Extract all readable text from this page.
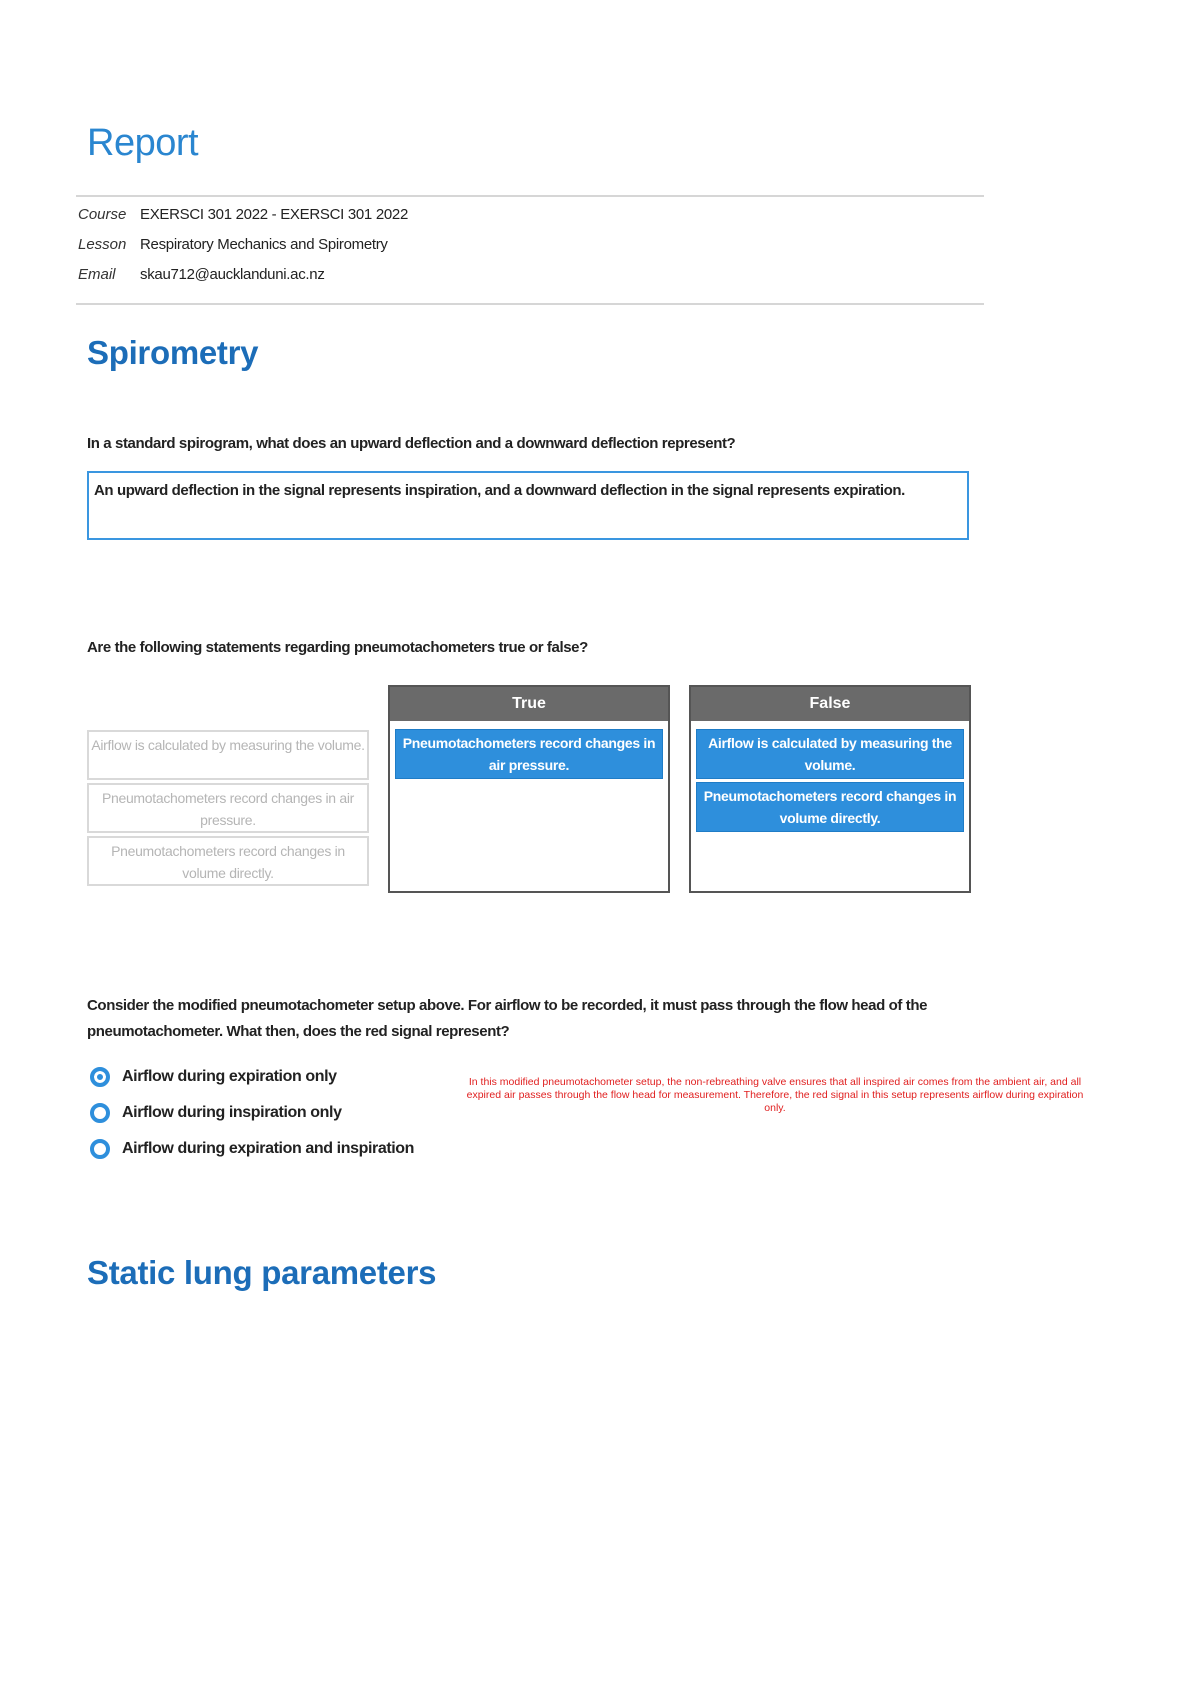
Report
Course EXERSCI 301 2022 - EXERSCI 301 2022
Lesson Respiratory Mechanics and Spirometry
Email	skau712@aucklanduni.ac.nz
Spirometry
In a standard spirogram, what does an upward deflection and a downward deflection represent?
An upward deflection in the signal represents inspiration, and a downward deflection in the signal represents expiration.
Are the following statements regarding pneumotachometers true or false?
Airflow is calculated by measuring the volume.
Pneumotachometers record changes in air pressure.
Pneumotachometers record changes in volume directly.
True
Pneumotachometers record changes in air pressure.
False
Airflow is calculated by measuring the volume.
Pneumotachometers record changes in volume directly.
Consider the modified pneumotachometer setup above. For airflow to be recorded, it must pass through the flow head of the pneumotachometer. What then, does the red signal represent?
Airflow during expiration only
Airflow during inspiration only
Airflow during expiration and inspiration
In this modified pneumotachometer setup, the non-rebreathing valve ensures that all inspired air comes from the ambient air, and all expired air passes through the flow head for measurement. Therefore, the red signal in this setup represents airflow during expiration only.
Static lung parameters
